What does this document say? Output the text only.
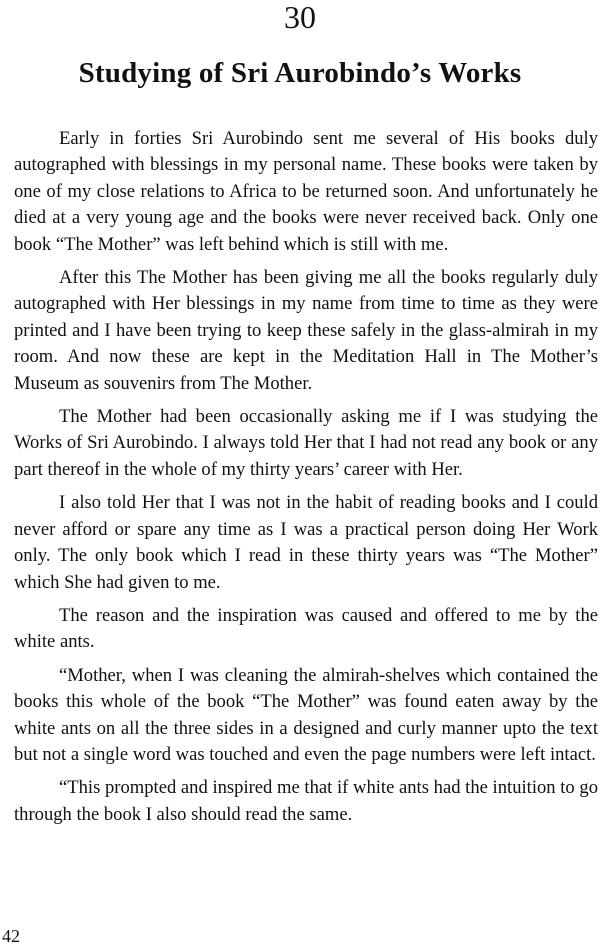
30
Studying of Sri Aurobindo’s Works

Early in forties Sri Aurobindo sent me several of His books duly autographed with blessings in my personal name. These books were taken by one of my close relations to Africa to be returned soon. And unfortunately he died at a very young age and the books were never received back. Only one book “The Mother” was left behind which is still with me.

After this The Mother has been giving me all the books regularly duly autographed with Her blessings in my name from time to time as they were printed and I have been trying to keep these safely in the glass-almirah in my room. And now these are kept in the Meditation Hall in The Mother’s Museum as souvenirs from The Mother.

The Mother had been occasionally asking me if I was studying the Works of Sri Aurobindo. I always told Her that I had not read any book or any part thereof in the whole of my thirty years’ career with Her.

I also told Her that I was not in the habit of reading books and I could never afford or spare any time as I was a practical person doing Her Work only. The only book which I read in these thirty years was “The Mother” which She had given to me.

The reason and the inspiration was caused and offered to me by the white ants.

“Mother, when I was cleaning the almirah-shelves which contained the books this whole of the book “The Mother” was found eaten away by the white ants on all the three sides in a designed and curly manner upto the text but not a single word was touched and even the page numbers were left intact.

“This prompted and inspired me that if white ants had the intuition to go through the book I also should read the same.

42
